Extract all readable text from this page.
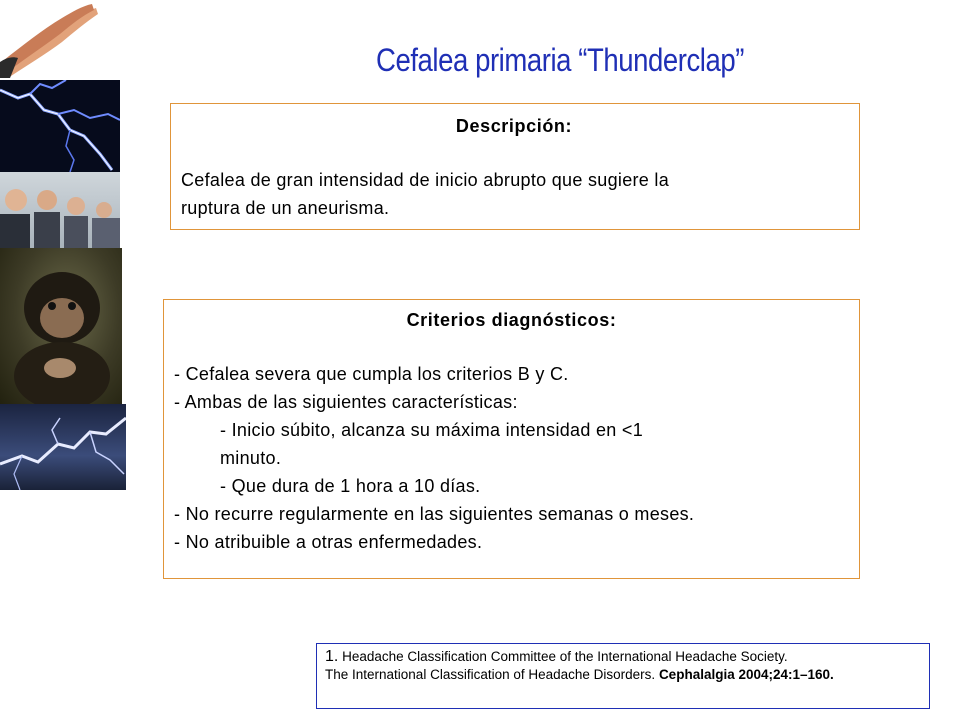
Cefalea primaria “Thunderclap”
Descripción:
Cefalea de gran intensidad de inicio abrupto que sugiere la
ruptura de un aneurisma.
Criterios diagnósticos:
- Cefalea severa que cumpla los criterios B y C.
- Ambas de las siguientes características:
- Inicio súbito, alcanza su máxima intensidad en <1
minuto.
- Que dura de 1 hora a 10 días.
- No recurre regularmente en las siguientes semanas o meses.
- No atribuible a otras enfermedades.
1. Headache Classification Committee of the International Headache Society.
The International Classification of Headache Disorders. Cephalalgia 2004;24:1–160.
